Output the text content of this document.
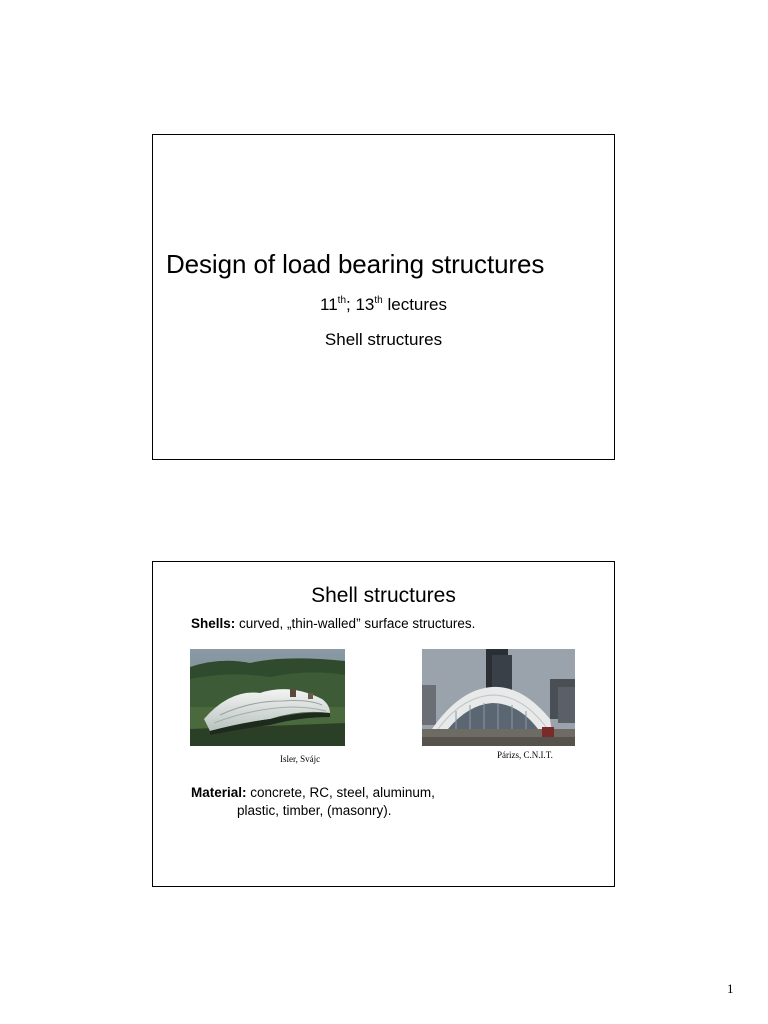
Design of load bearing structures
11th; 13th lectures
Shell structures
Shell structures
Shells: curved, „thin-walled” surface structures.
Isler, Svájc	Párizs, C.N.I.T.
Material: concrete, RC, steel, aluminum,
plastic, timber, (masonry).
1
